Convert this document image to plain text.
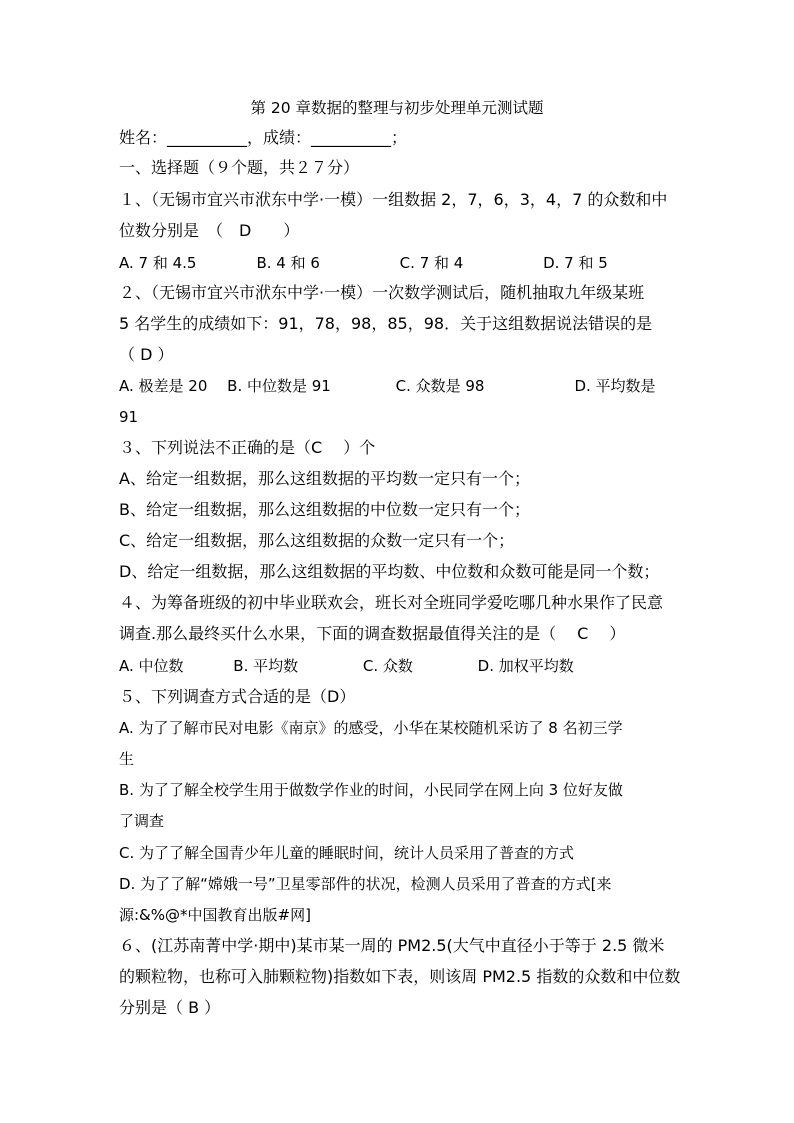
第 20 章数据的整理与初步处理单元测试题
姓名：__________，成绩：__________；
一、选择题（９个题，共２７分）
１、（无锡市宜兴市洑东中学·一模）一组数据 2，7，6，3，4，7 的众数和中
位数分别是　（　D　　）
A. 7 和 4.5　　　　B. 4 和 6　　　　　 C. 7 和 4　　　　　 D. 7 和 5
２、（无锡市宜兴市洑东中学·一模）一次数学测试后，随机抽取九年级某班
5 名学生的成绩如下：91，78，98，85，98．关于这组数据说法错误的是
（ D ）
A. 极差是 20　 B. 中位数是 91　　　　 C. 众数是 98　　　　　　D. 平均数是
91
３、下列说法不正确的是（C　 ）个
A、给定一组数据，那么这组数据的平均数一定只有一个；
B、给定一组数据，那么这组数据的中位数一定只有一个；
C、给定一组数据，那么这组数据的众数一定只有一个；
D、给定一组数据，那么这组数据的平均数、中位数和众数可能是同一个数；
４、为筹备班级的初中毕业联欢会，班长对全班同学爱吃哪几种水果作了民意
调查.那么最终买什么水果，下面的调查数据最值得关注的是（　 C　 ）
A. 中位数　　　 B. 平均数　　　　 C. 众数　　　　 D. 加权平均数
５、下列调查方式合适的是（D）
A. 为了了解市民对电影《南京》的感受，小华在某校随机采访了 8 名初三学
生
B. 为了了解全校学生用于做数学作业的时间，小民同学在网上向 3 位好友做
了调查
C. 为了了解全国青少年儿童的睡眠时间，统计人员采用了普查的方式
D. 为了了解“嫦娥一号”卫星零部件的状况，检测人员采用了普查的方式[来
源:&%@*中国教育出版#网]
６、(江苏南菁中学·期中)某市某一周的 PM2.5(大气中直径小于等于 2.5 微米
的颗粒物，也称可入肺颗粒物)指数如下表，则该周 PM2.5 指数的众数和中位数
分别是（ B ）
